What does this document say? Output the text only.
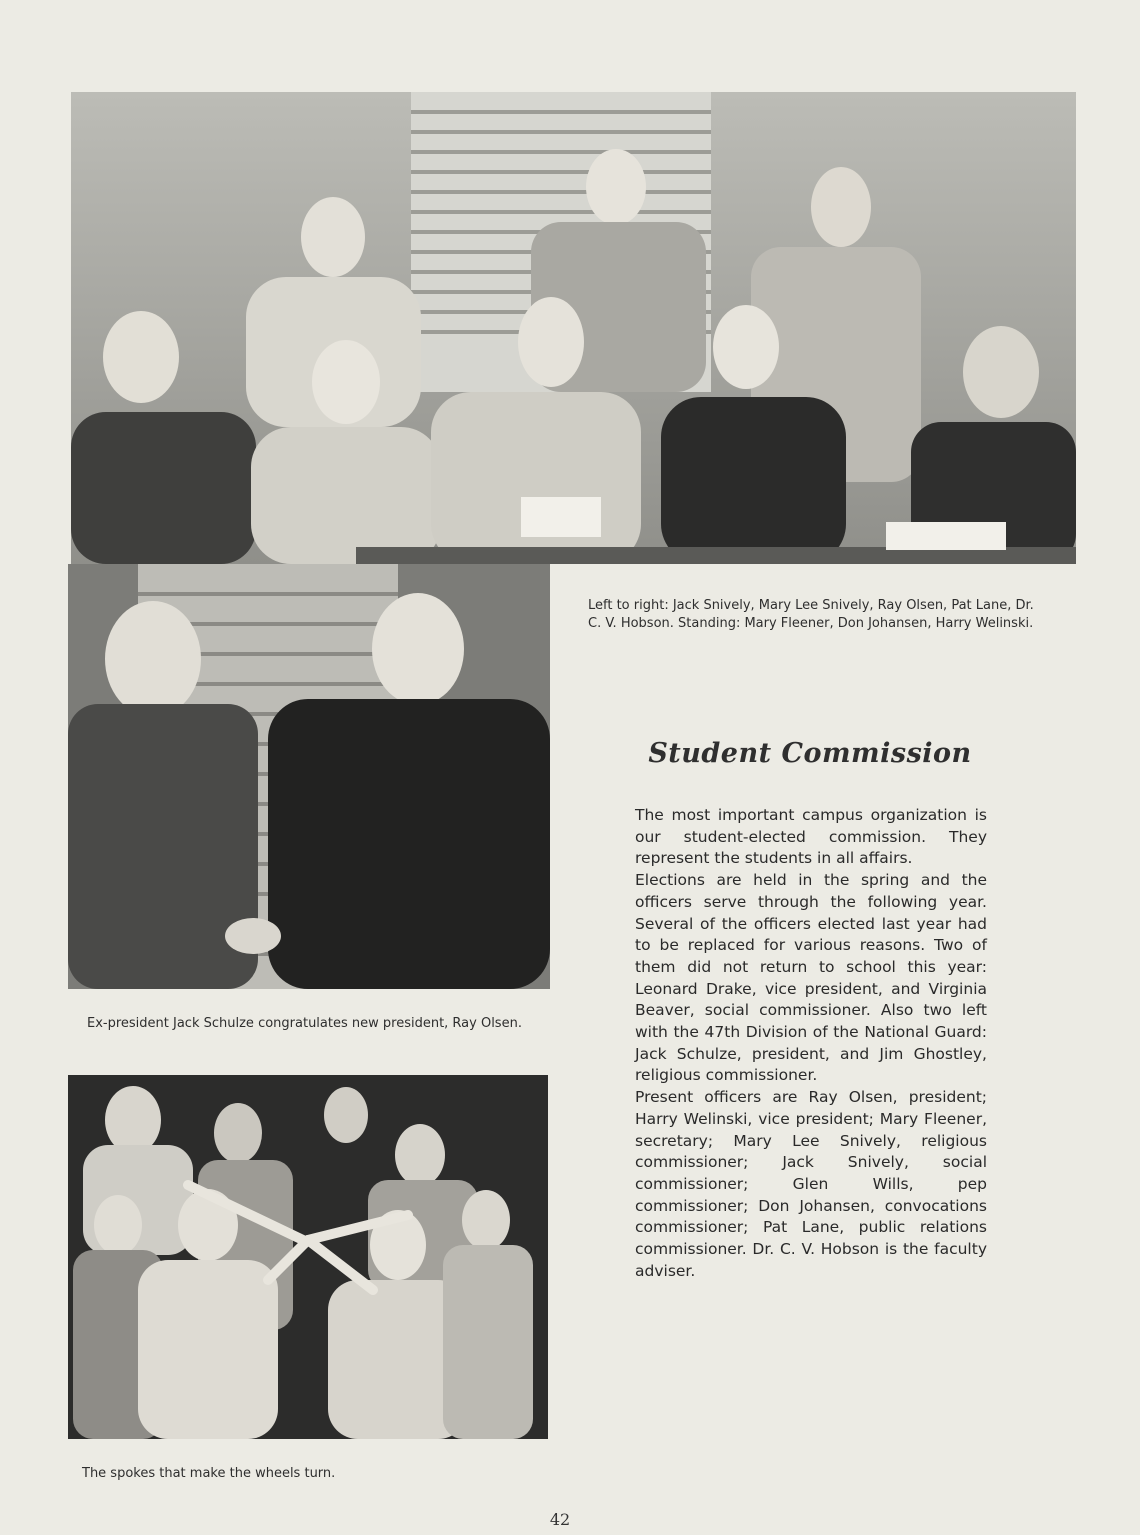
Left to right: Jack Snively, Mary Lee Snively, Ray Olsen, Pat Lane, Dr. C. V. Hobson. Standing: Mary Fleener, Don Johansen, Harry Welinski.

Ex-president Jack Schulze congratulates new president, Ray Olsen.

The spokes that make the wheels turn.

Student Commission

The most important campus organization is our student-elected commission. They represent the students in all affairs.

Elections are held in the spring and the officers serve through the following year. Several of the officers elected last year had to be replaced for various reasons. Two of them did not return to school this year: Leonard Drake, vice president, and Virginia Beaver, social commissioner. Also two left with the 47th Division of the National Guard: Jack Schulze, president, and Jim Ghostley, religious commissioner.

Present officers are Ray Olsen, president; Harry Welinski, vice president; Mary Fleener, secretary; Mary Lee Snively, religious commissioner; Jack Snively, social commissioner; Glen Wills, pep commissioner; Don Johansen, convocations commissioner; Pat Lane, public relations commissioner. Dr. C. V. Hobson is the faculty adviser.

42
